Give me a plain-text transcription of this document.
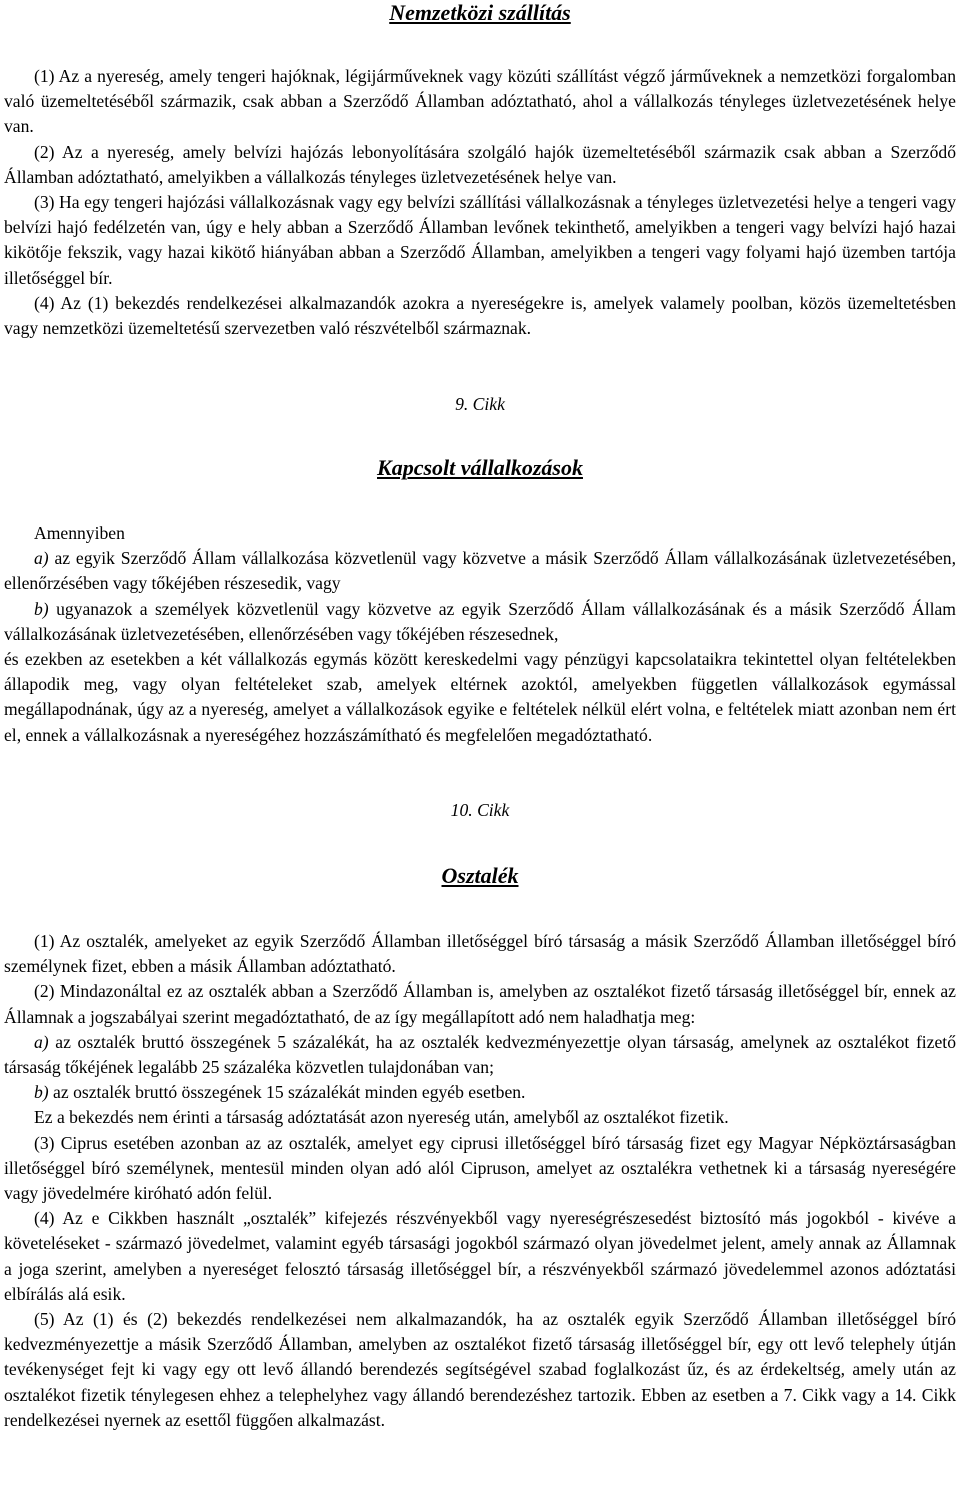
Nemzetközi szállítás

(1) Az a nyereség, amely tengeri hajóknak, légijárműveknek vagy közúti szállítást végző járműveknek a nemzetközi forgalomban való üzemeltetéséből származik, csak abban a Szerződő Államban adóztatható, ahol a vállalkozás tényleges üzletvezetésének helye van.

(2) Az a nyereség, amely belvízi hajózás lebonyolítására szolgáló hajók üzemeltetéséből származik csak abban a Szerződő Államban adóztatható, amelyikben a vállalkozás tényleges üzletvezetésének helye van.

(3) Ha egy tengeri hajózási vállalkozásnak vagy egy belvízi szállítási vállalkozásnak a tényleges üzletvezetési helye a tengeri vagy belvízi hajó fedélzetén van, úgy e hely abban a Szerződő Államban levőnek tekinthető, amelyikben a tengeri vagy belvízi hajó hazai kikötője fekszik, vagy hazai kikötő hiányában abban a Szerződő Államban, amelyikben a tengeri vagy folyami hajó üzemben tartója illetőséggel bír.

(4) Az (1) bekezdés rendelkezései alkalmazandók azokra a nyereségekre is, amelyek valamely poolban, közös üzemeltetésben vagy nemzetközi üzemeltetésű szervezetben való részvételből származnak.

9. Cikk
Kapcsolt vállalkozások

Amennyiben

a) az egyik Szerződő Állam vállalkozása közvetlenül vagy közvetve a másik Szerződő Állam vállalkozásának üzletvezetésében, ellenőrzésében vagy tőkéjében részesedik, vagy

b) ugyanazok a személyek közvetlenül vagy közvetve az egyik Szerződő Állam vállalkozásának és a másik Szerződő Állam vállalkozásának üzletvezetésében, ellenőrzésében vagy tőkéjében részesednek,

és ezekben az esetekben a két vállalkozás egymás között kereskedelmi vagy pénzügyi kapcsolataikra tekintettel olyan feltételekben állapodik meg, vagy olyan feltételeket szab, amelyek eltérnek azoktól, amelyekben független vállalkozások egymással megállapodnának, úgy az a nyereség, amelyet a vállalkozások egyike e feltételek nélkül elért volna, e feltételek miatt azonban nem ért el, ennek a vállalkozásnak a nyereségéhez hozzászámítható és megfelelően megadóztatható.

10. Cikk
Osztalék

(1) Az osztalék, amelyeket az egyik Szerződő Államban illetőséggel bíró társaság a másik Szerződő Államban illetőséggel bíró személynek fizet, ebben a másik Államban adóztatható.

(2) Mindazonáltal ez az osztalék abban a Szerződő Államban is, amelyben az osztalékot fizető társaság illetőséggel bír, ennek az Államnak a jogszabályai szerint megadóztatható, de az így megállapított adó nem haladhatja meg:

a) az osztalék bruttó összegének 5 százalékát, ha az osztalék kedvezményezettje olyan társaság, amelynek az osztalékot fizető társaság tőkéjének legalább 25 százaléka közvetlen tulajdonában van;

b) az osztalék bruttó összegének 15 százalékát minden egyéb esetben.

Ez a bekezdés nem érinti a társaság adóztatását azon nyereség után, amelyből az osztalékot fizetik.

(3) Ciprus esetében azonban az az osztalék, amelyet egy ciprusi illetőséggel bíró társaság fizet egy Magyar Népköztársaságban illetőséggel bíró személynek, mentesül minden olyan adó alól Cipruson, amelyet az osztalékra vethetnek ki a társaság nyereségére vagy jövedelmére kiróható adón felül.

(4) Az e Cikkben használt „osztalék” kifejezés részvényekből vagy nyereségrészesedést biztosító más jogokból - kivéve a követeléseket - származó jövedelmet, valamint egyéb társasági jogokból származó olyan jövedelmet jelent, amely annak az Államnak a joga szerint, amelyben a nyereséget felosztó társaság illetőséggel bír, a részvényekből származó jövedelemmel azonos adóztatási elbírálás alá esik.

(5) Az (1) és (2) bekezdés rendelkezései nem alkalmazandók, ha az osztalék egyik Szerződő Államban illetőséggel bíró kedvezményezettje a másik Szerződő Államban, amelyben az osztalékot fizető társaság illetőséggel bír, egy ott levő telephely útján tevékenységet fejt ki vagy egy ott levő állandó berendezés segítségével szabad foglalkozást űz, és az érdekeltség, amely után az osztalékot fizetik ténylegesen ehhez a telephelyhez vagy állandó berendezéshez tartozik. Ebben az esetben a 7. Cikk vagy a 14. Cikk rendelkezései nyernek az esettől függően alkalmazást.
